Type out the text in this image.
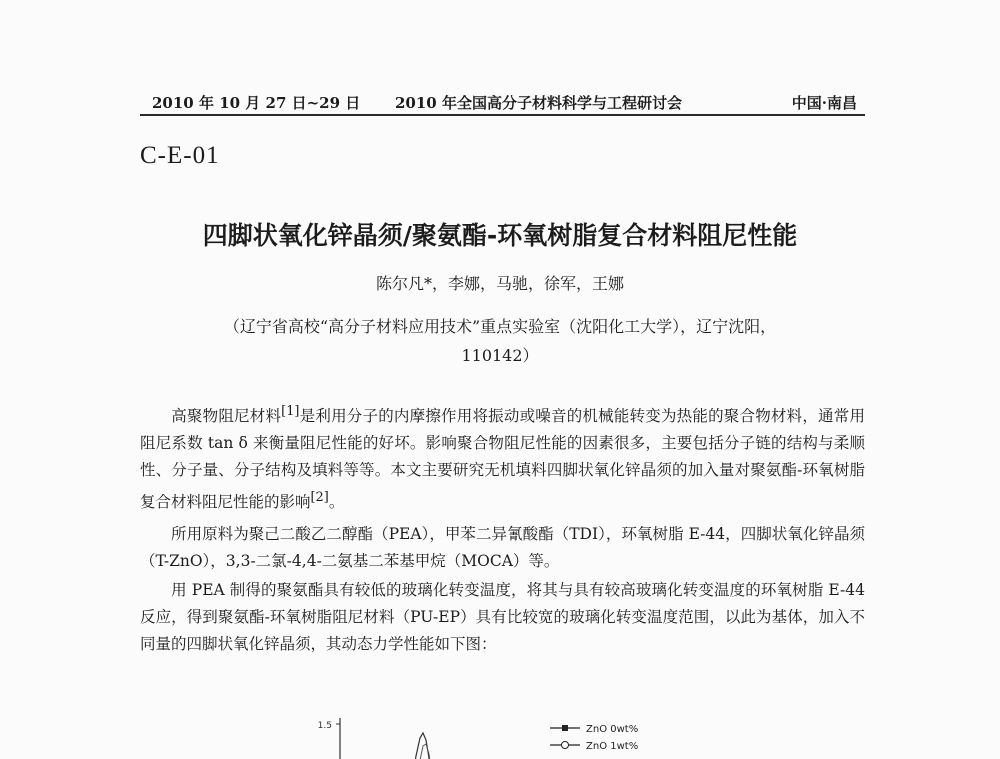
2010 年 10 月 27 日~29 日 2010 年全国高分子材料科学与工程研讨会	中国·南昌
C-E-01
四脚状氧化锌晶须/聚氨酯-环氧树脂复合材料阻尼性能
陈尔凡*，李娜，马驰，徐军，王娜
（辽宁省高校“高分子材料应用技术”重点实验室（沈阳化工大学），辽宁沈阳，
110142）
高聚物阻尼材料[1]是利用分子的内摩擦作用将振动或噪音的机械能转变为热能的聚合物材料，通常用阻尼系数 tan δ 来衡量阻尼性能的好坏。影响聚合物阻尼性能的因素很多，主要包括分子链的结构与柔顺性、分子量、分子结构及填料等等。本文主要研究无机填料四脚状氧化锌晶须的加入量对聚氨酯-环氧树脂复合材料阻尼性能的影响[2]。
所用原料为聚己二酸乙二醇酯（PEA），甲苯二异氰酸酯（TDI），环氧树脂 E-44，四脚状氧化锌晶须（T-ZnO），3,3-二氯-4,4-二氨基二苯基甲烷（MOCA）等。
用 PEA 制得的聚氨酯具有较低的玻璃化转变温度，将其与具有较高玻璃化转变温度的环氧树脂 E-44 反应，得到聚氨酯-环氧树脂阻尼材料（PU-EP）具有比较宽的玻璃化转变温度范围，以此为基体，加入不同量的四脚状氧化锌晶须，其动态力学性能如下图：
1.5	ZnO 0wt%
ZnO 1wt%
